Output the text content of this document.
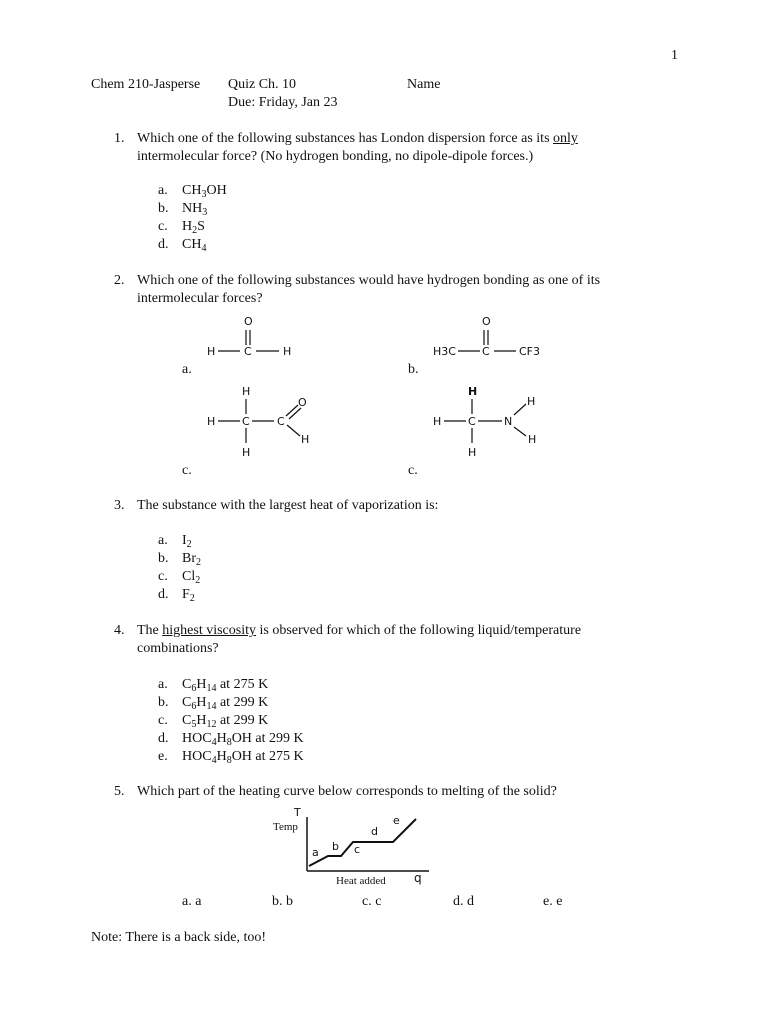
1
Chem 210-Jasperse Quiz Ch. 10
Due: Friday, Jan 23
Name
1. Which one of the following substances has London dispersion force as its only
intermolecular force? (No hydrogen bonding, no dipole-dipole forces.)
a. $CH_3OH$
b. $NH_3$
c. $H_2S$
d. $CH_4$
2. Which one of the following substances would have hydrogen bonding as one of its
intermolecular forces?
O
H	C	H
a.
O
H3C C	CF3
b.
H
H C C
O
H
H
c.
H
H C	N
H
H
H
c.
3. The substance with the largest heat of vaporization is:
a. $I_2$
b. $Br_2$
c. $Cl_2$
d. $F_2$
4. The highest viscosity is observed for which of the following liquid/temperature
combinations?
a. $C_6H_{14}$ at 275 K
b. $C_6H_{14}$ at 299 K
c. $C_5H_{12}$ at 299 K
d. $HOC_4H_8OH$ at 299 K
e. $HOC_4H_8OH$ at 275 K
5. Which part of the heating curve below corresponds to melting of the solid?
T
Temp
Heat added q
a b c
d
e
a. a	b. b	c. c	d. d	e. e
Note: There is a back side, too!
